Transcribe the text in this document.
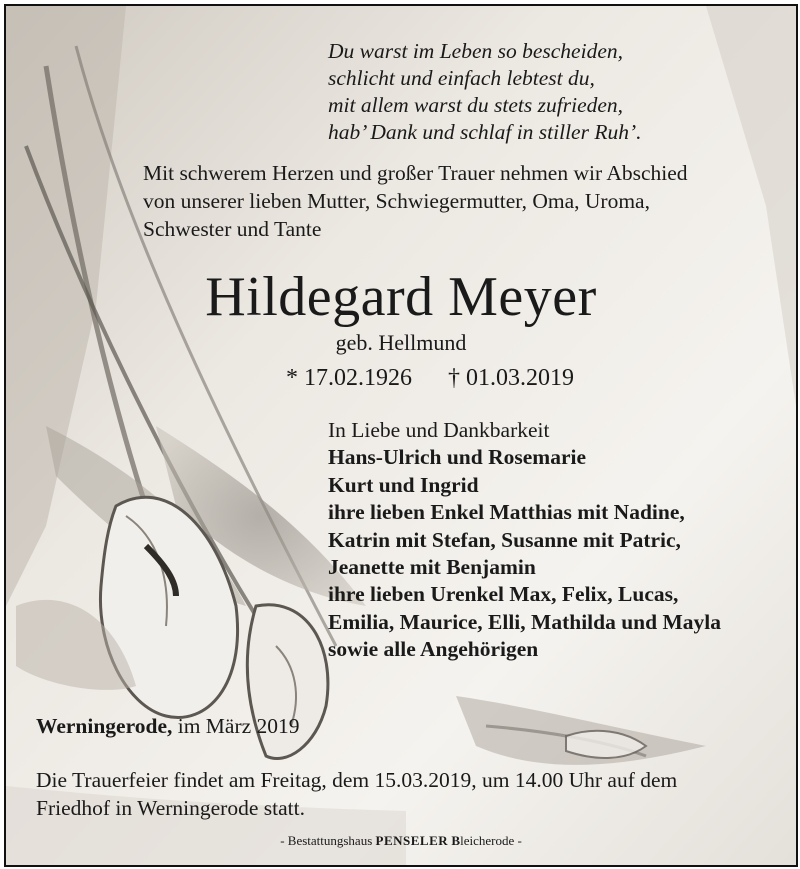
Du warst im Leben so bescheiden,
schlicht und einfach lebtest du,
mit allem warst du stets zufrieden,
hab’ Dank und schlaf in stiller Ruh’.
Mit schwerem Herzen und großer Trauer nehmen wir Abschied
von unserer lieben Mutter, Schwiegermutter, Oma, Uroma,
Schwester und Tante
Hildegard Meyer
geb. Hellmund
* 17.02.1926 † 01.03.2019
In Liebe und Dankbarkeit
Hans-Ulrich und Rosemarie
Kurt und Ingrid
ihre lieben Enkel Matthias mit Nadine,
Katrin mit Stefan, Susanne mit Patric,
Jeanette mit Benjamin
ihre lieben Urenkel Max, Felix, Lucas,
Emilia, Maurice, Elli, Mathilda und Mayla
sowie alle Angehörigen
Werningerode, im März 2019
Die Trauerfeier findet am Freitag, dem 15.03.2019, um 14.00 Uhr auf dem
Friedhof in Werningerode statt.
- Bestattungshaus PENSELER Bleicherode -
